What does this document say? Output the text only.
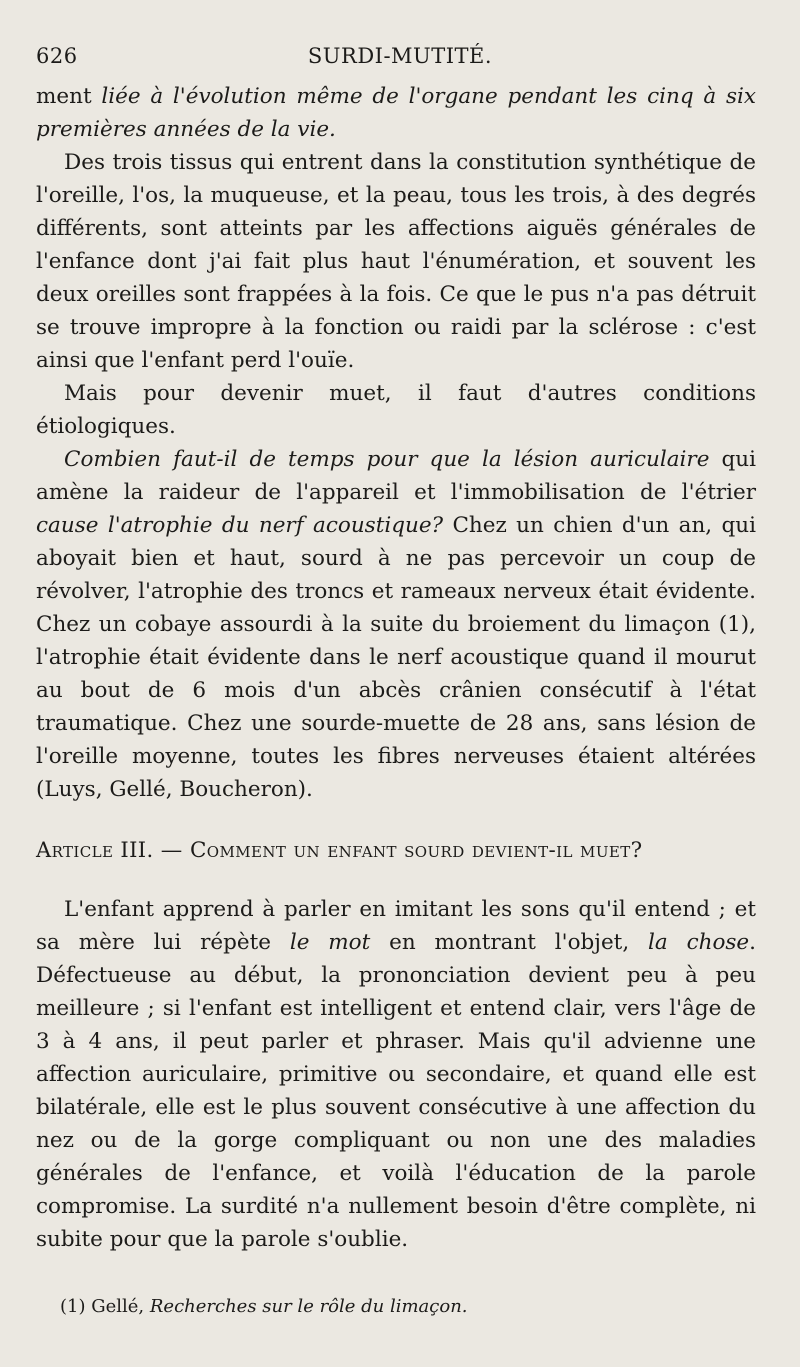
626	SURDI-MUTITÉ.

ment liée à l'évolution même de l'organe pendant les cinq à six premières années de la vie.

Des trois tissus qui entrent dans la constitution synthétique de l'oreille, l'os, la muqueuse, et la peau, tous les trois, à des degrés différents, sont atteints par les affections aiguës générales de l'enfance dont j'ai fait plus haut l'énumération, et souvent les deux oreilles sont frappées à la fois. Ce que le pus n'a pas détruit se trouve impropre à la fonction ou raidi par la sclérose : c'est ainsi que l'enfant perd l'ouïe.

Mais pour devenir muet, il faut d'autres conditions étiologiques.

Combien faut-il de temps pour que la lésion auriculaire qui amène la raideur de l'appareil et l'immobilisation de l'étrier cause l'atrophie du nerf acoustique? Chez un chien d'un an, qui aboyait bien et haut, sourd à ne pas percevoir un coup de révolver, l'atrophie des troncs et rameaux nerveux était évidente. Chez un cobaye assourdi à la suite du broiement du limaçon (1), l'atrophie était évidente dans le nerf acoustique quand il mourut au bout de 6 mois d'un abcès crânien consécutif à l'état traumatique. Chez une sourde-muette de 28 ans, sans lésion de l'oreille moyenne, toutes les fibres nerveuses étaient altérées (Luys, Gellé, Boucheron).

Article III. — Comment un enfant sourd devient-il muet?

L'enfant apprend à parler en imitant les sons qu'il entend ; et sa mère lui répète le mot en montrant l'objet, la chose. Défectueuse au début, la prononciation devient peu à peu meilleure ; si l'enfant est intelligent et entend clair, vers l'âge de 3 à 4 ans, il peut parler et phraser. Mais qu'il advienne une affection auriculaire, primitive ou secondaire, et quand elle est bilatérale, elle est le plus souvent consécutive à une affection du nez ou de la gorge compliquant ou non une des maladies générales de l'enfance, et voilà l'éducation de la parole compromise. La surdité n'a nullement besoin d'être complète, ni subite pour que la parole s'oublie.

(1) Gellé, Recherches sur le rôle du limaçon.
